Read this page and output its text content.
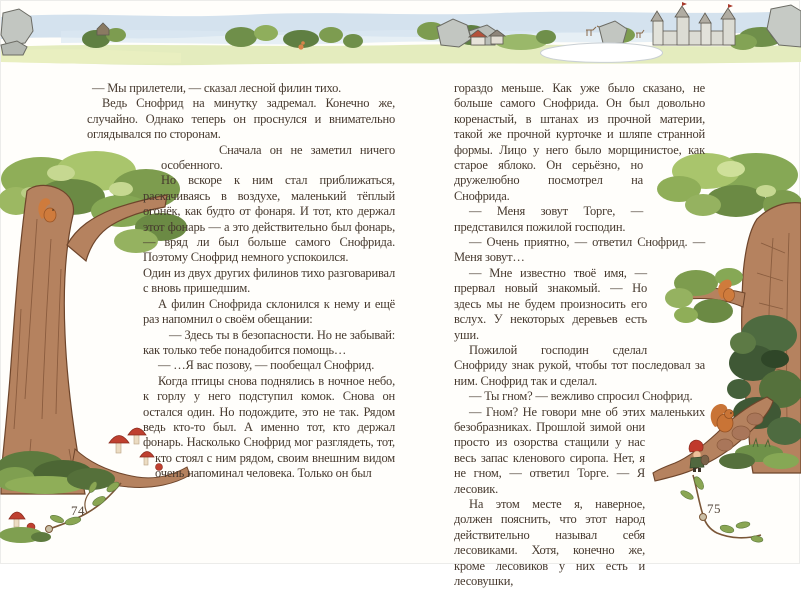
— Мы прилетели, — сказал лесной филин тихо.

Ведь Снофрид на минутку задремал. Конечно же, случайно. Однако теперь он проснулся и внимательно оглядывался по сторонам.

Сначала он не заметил ничего особенного.

Но вскоре к ним стал приближаться, раскачиваясь в воздухе, маленький тёплый огонёк, как будто от фонаря. И тот, кто держал этот фонарь — а это действительно был фонарь, — вряд ли был больше самого Снофрида. Поэтому Снофрид немного успокоился.

Один из двух других филинов тихо разговаривал с вновь пришедшим.

А филин Снофрида склонился к нему и ещё раз напомнил о своём обещании:

— Здесь ты в безопасности. Но не забывай: как только тебе понадобится помощь…

— …Я вас позову, — пообещал Снофрид.

Когда птицы снова поднялись в ночное небо, к горлу у него подступил комок. Снова он остался один. Но подождите, это не так. Рядом ведь кто-то был. А именно тот, кто держал фонарь. Насколько Снофрид мог разглядеть, тот, кто стоял с ним рядом, своим внешним видом очень напоминал человека. Только он был

гораздо меньше. Как уже было сказано, не больше самого Снофрида. Он был довольно коренастый, в штанах из прочной материи, такой же прочной курточке и шляпе странной формы. Лицо у него было морщинистое, как старое яблоко. Он серьёзно, но дружелюбно посмотрел на Снофрида.

— Меня зовут Торге, — представился пожилой господин.

— Очень приятно, — ответил Снофрид. — Меня зовут…

— Мне известно твоё имя, — прервал новый знакомый. — Но здесь мы не будем произносить его вслух. У некоторых деревьев есть уши.

Пожилой господин сделал Снофриду знак рукой, чтобы тот последовал за ним. Снофрид так и сделал.

— Ты гном? — вежливо спросил Снофрид.

— Гном? Не говори мне об этих маленьких безобразниках. Прошлой зимой они просто из озорства стащили у нас весь запас кленового сиропа. Нет, я не гном, — ответил Торге. — Я лесовик.

На этом месте я, наверное, должен пояснить, что этот народ действительно называл себя лесовиками. Хотя, конечно же, кроме лесовиков у них есть и лесовушки,

74	75
